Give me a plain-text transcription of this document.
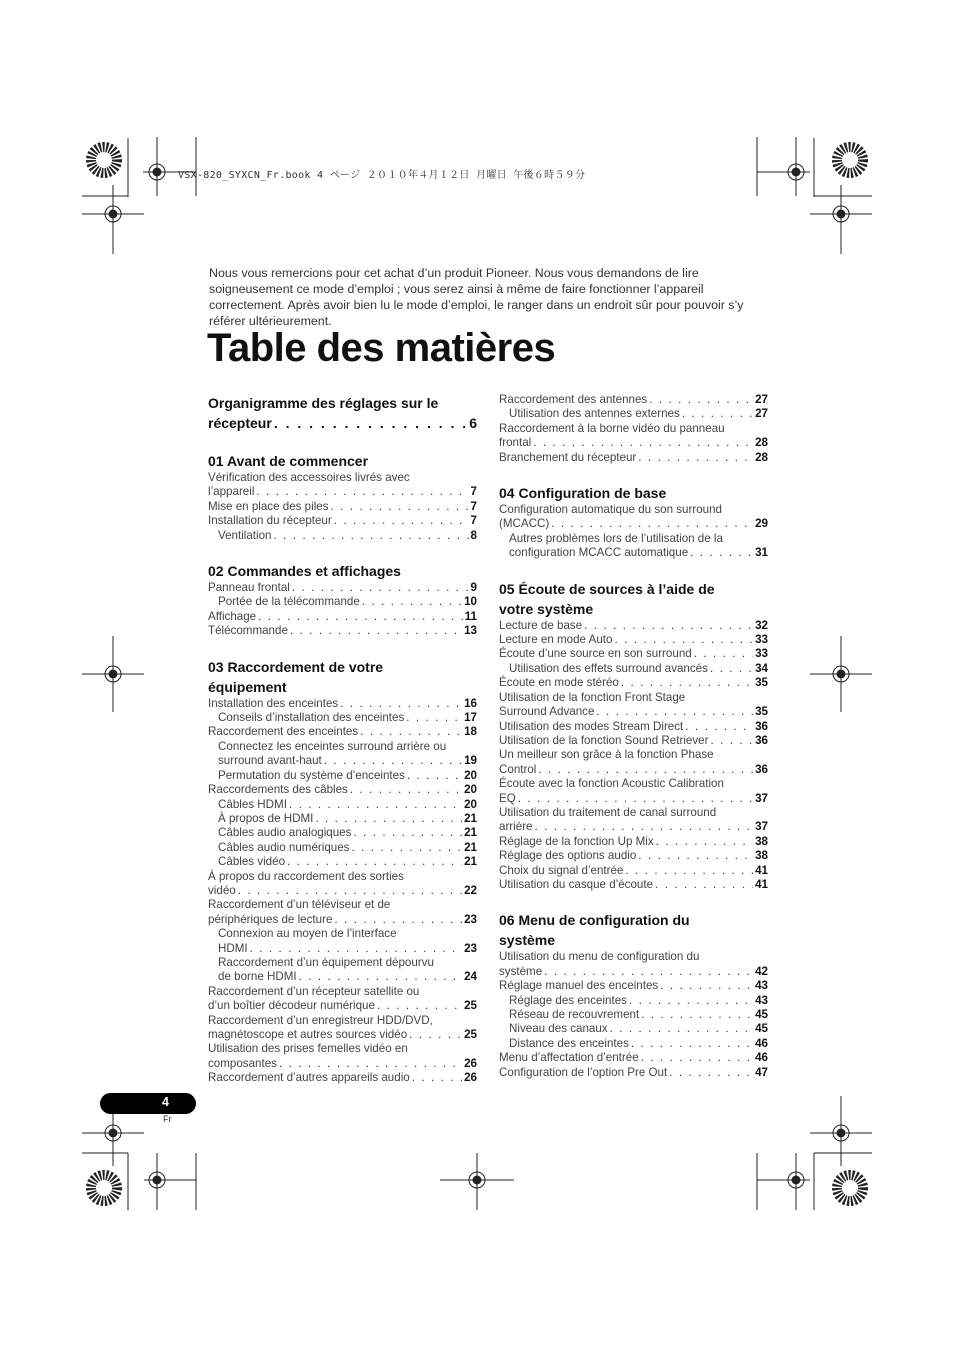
VSX-820_SYXCN_Fr.book 4 ページ ２０１０年４月１２日 月曜日 午後６時５９分
Nous vous remercions pour cet achat d’un produit Pioneer. Nous vous demandons de lire soigneusement ce mode d’emploi ; vous serez ainsi à même de faire fonctionner l’appareil correctement. Après avoir bien lu le mode d’emploi, le ranger dans un endroit sûr pour pouvoir s’y référer ultérieurement.
Table des matières
Organigramme des réglages sur le
récepteur . . .	6
01 Avant de commencer
Vérification des accessoires livrés avec
l’appareil . . .	7
Mise en place des piles . . .	7
Installation du récepteur . . .	7
Ventilation . . .	8
02 Commandes et affichages
Panneau frontal . . .	9
Portée de la télécommande . . .	10
Affichage . . .	11
Télécommande . . .	13
03 Raccordement de votre
équipement
Installation des enceintes . . .	16
Conseils d’installation des enceintes . . .	17
Raccordement des enceintes . . .	18
Connectez les enceintes surround arrière ou
surround avant-haut . . .	19
Permutation du système d’enceintes . . .	20
Raccordements des câbles . . .	20
Câbles HDMI . . .	20
À propos de HDMI . . .	21
Câbles audio analogiques . . .	21
Câbles audio numériques . . .	21
Câbles vidéo . . .	21
À propos du raccordement des sorties
vidéo . . .	22
Raccordement d’un téléviseur et de
périphériques de lecture . . .	23
Connexion au moyen de l’interface
HDMI . . .	23
Raccordement d’un équipement dépourvu
de borne HDMI . . .	24
Raccordement d’un récepteur satellite ou
d’un boîtier décodeur numérique . . .	25
Raccordement d’un enregistreur HDD/DVD,
magnétoscope et autres sources vidéo . . .	25
Utilisation des prises femelles vidéo en
composantes . . .	26
Raccordement d’autres appareils audio . . .	26
Raccordement des antennes . . .	27
Utilisation des antennes externes . . .	27
Raccordement à la borne vidéo du panneau
frontal . . .	28
Branchement du récepteur . . .	28
04 Configuration de base
Configuration automatique du son surround
(MCACC) . . .	29
Autres problèmes lors de l’utilisation de la
configuration MCACC automatique . . .	31
05 Écoute de sources à l’aide de
votre système
Lecture de base . . .	32
Lecture en mode Auto . . .	33
Écoute d’une source en son surround . . .	33
Utilisation des effets surround avancés . . .	34
Écoute en mode stéréo . . .	35
Utilisation de la fonction Front Stage
Surround Advance . . .	35
Utilisation des modes Stream Direct . . .	36
Utilisation de la fonction Sound Retriever . . .	36
Un meilleur son grâce à la fonction Phase
Control . . .	36
Écoute avec la fonction Acoustic Calibration
EQ . . .	37
Utilisation du traitement de canal surround
arrière . . .	37
Réglage de la fonction Up Mix . . .	38
Réglage des options audio . . .	38
Choix du signal d’entrée . . .	41
Utilisation du casque d’écoute . . .	41
06 Menu de configuration du
système
Utilisation du menu de configuration du
système . . .	42
Réglage manuel des enceintes . . .	43
Réglage des enceintes . . .	43
Réseau de recouvrement . . .	45
Niveau des canaux . . .	45
Distance des enceintes . . .	46
Menu d’affectation d’entrée . . .	46
Configuration de l’option Pre Out . . .	47
4
Fr
